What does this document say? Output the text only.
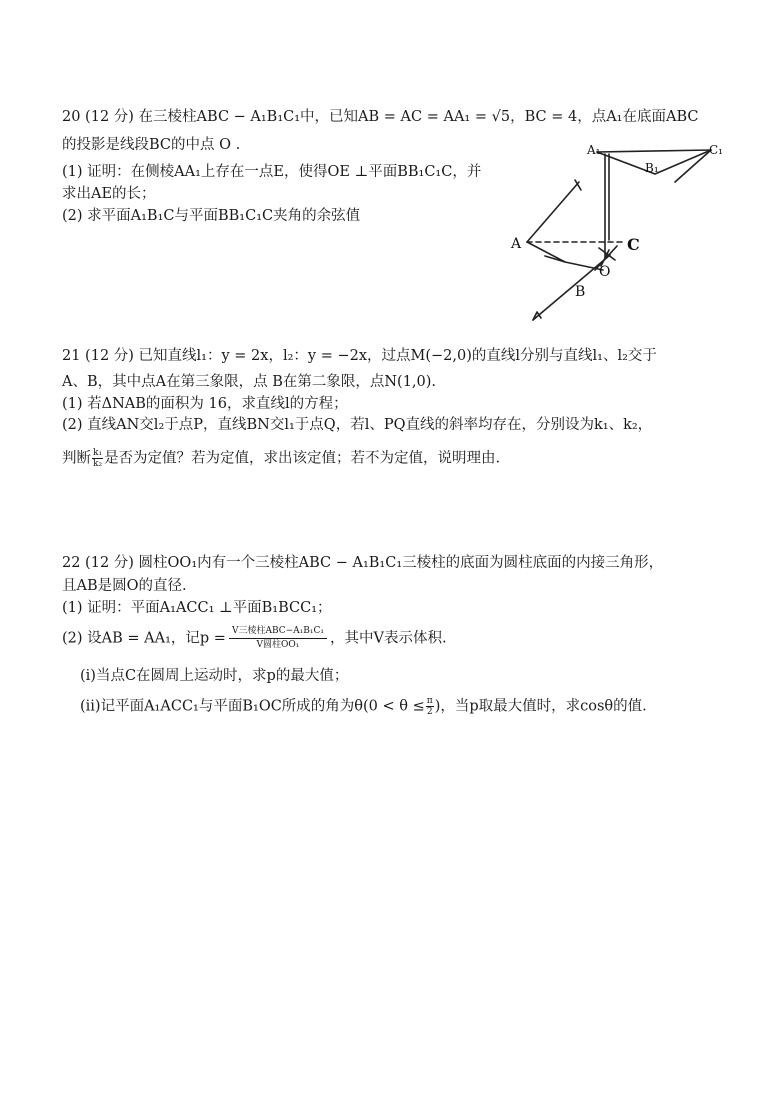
20 (12 分) 在三棱柱ABC − A₁B₁C₁中，已知AB = AC = AA₁ = √5，BC = 4，点A₁在底面ABC
的投影是线段BC的中点 O .
(1) 证明：在侧棱AA₁上存在一点E，使得OE ⊥平面BB₁C₁C，并
求出AE的长；
(2) 求平面A₁B₁C与平面BB₁C₁C夹角的余弦值
A₁
B₁
C₁
A	C
O
B
21 (12 分) 已知直线l₁：y = 2x，l₂：y = −2x，过点M(−2,0)的直线l分别与直线l₁、l₂交于
A、B，其中点A在第三象限，点 B在第二象限，点N(1,0).
(1) 若ΔNAB的面积为 16，求直线l的方程；
(2) 直线AN交l₂于点P，直线BN交l₁于点Q，若l、PQ直线的斜率均存在，分别设为k₁、k₂，
判断 $\frac{\text{k₁}}{\text{k₂}}$ 是否为定值？若为定值，求出该定值；若不为定值，说明理由.
22 (12 分) 圆柱OO₁内有一个三棱柱ABC − A₁B₁C₁三棱柱的底面为圆柱底面的内接三角形，
且AB是圆O的直径.
(1) 证明：平面A₁ACC₁ ⊥平面B₁BCC₁；
(2) 设AB = AA₁，记$p = \frac{\text{V三棱柱ABC−A₁B₁C₁}}{\text{V圆柱OO₁}}$ ，其中V表示体积.
(i)当点C在圆周上运动时，求p的最大值；
(ii)记平面A₁ACC₁与平面B₁OC所成的角为$\theta(0 < \theta \le \frac{\pi}{2}$ )，当p取最大值时，求cosθ的值.
